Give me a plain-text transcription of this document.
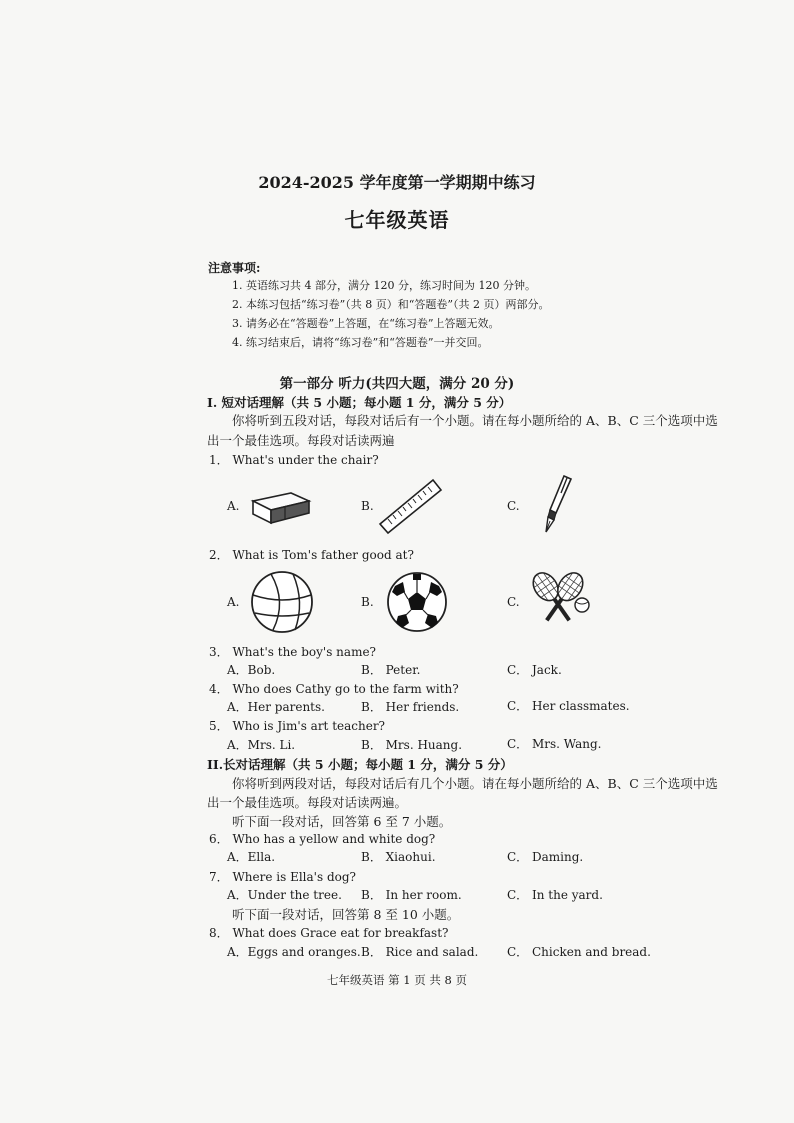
2024-2025 学年度第一学期期中练习
七年级英语
注意事项:
1. 英语练习共 4 部分，满分 120 分，练习时间为 120 分钟。
2. 本练习包括“练习卷”（共 8 页）和“答题卷”（共 2 页）两部分。
3. 请务必在“答题卷”上答题，在“练习卷”上答题无效。
4. 练习结束后，请将“练习卷”和“答题卷”一并交回。
第一部分 听力(共四大题，满分 20 分)
I. 短对话理解（共 5 小题；每小题 1 分，满分 5 分）
你将听到五段对话，每段对话后有一个小题。请在每小题所给的 A、B、C 三个选项中选
出一个最佳选项。每段对话读两遍
1． What's under the chair?
A.	B.	C.
2． What is Tom's father good at?
A.	B.	C.
3． What's the boy's name?
A．Bob.	B． Peter.	C． Jack.
4． Who does Cathy go to the farm with?
A．Her parents.	B． Her friends.	C． Her classmates.
5． Who is Jim's art teacher?
A．Mrs. Li.	B． Mrs. Huang.	C． Mrs. Wang.
II.长对话理解（共 5 小题；每小题 1 分，满分 5 分）
你将听到两段对话，每段对话后有几个小题。请在每小题所给的 A、B、C 三个选项中选
出一个最佳选项。每段对话读两遍。
听下面一段对话，回答第 6 至 7 小题。
6． Who has a yellow and white dog?
A．Ella.	B． Xiaohui.	C． Daming.
7． Where is Ella's dog?
A．Under the tree. B． In her room.	C． In the yard.
听下面一段对话，回答第 8 至 10 小题。
8． What does Grace eat for breakfast?
A．Eggs and oranges. B． Rice and salad. C． Chicken and bread.
七年级英语 第 1 页 共 8 页
